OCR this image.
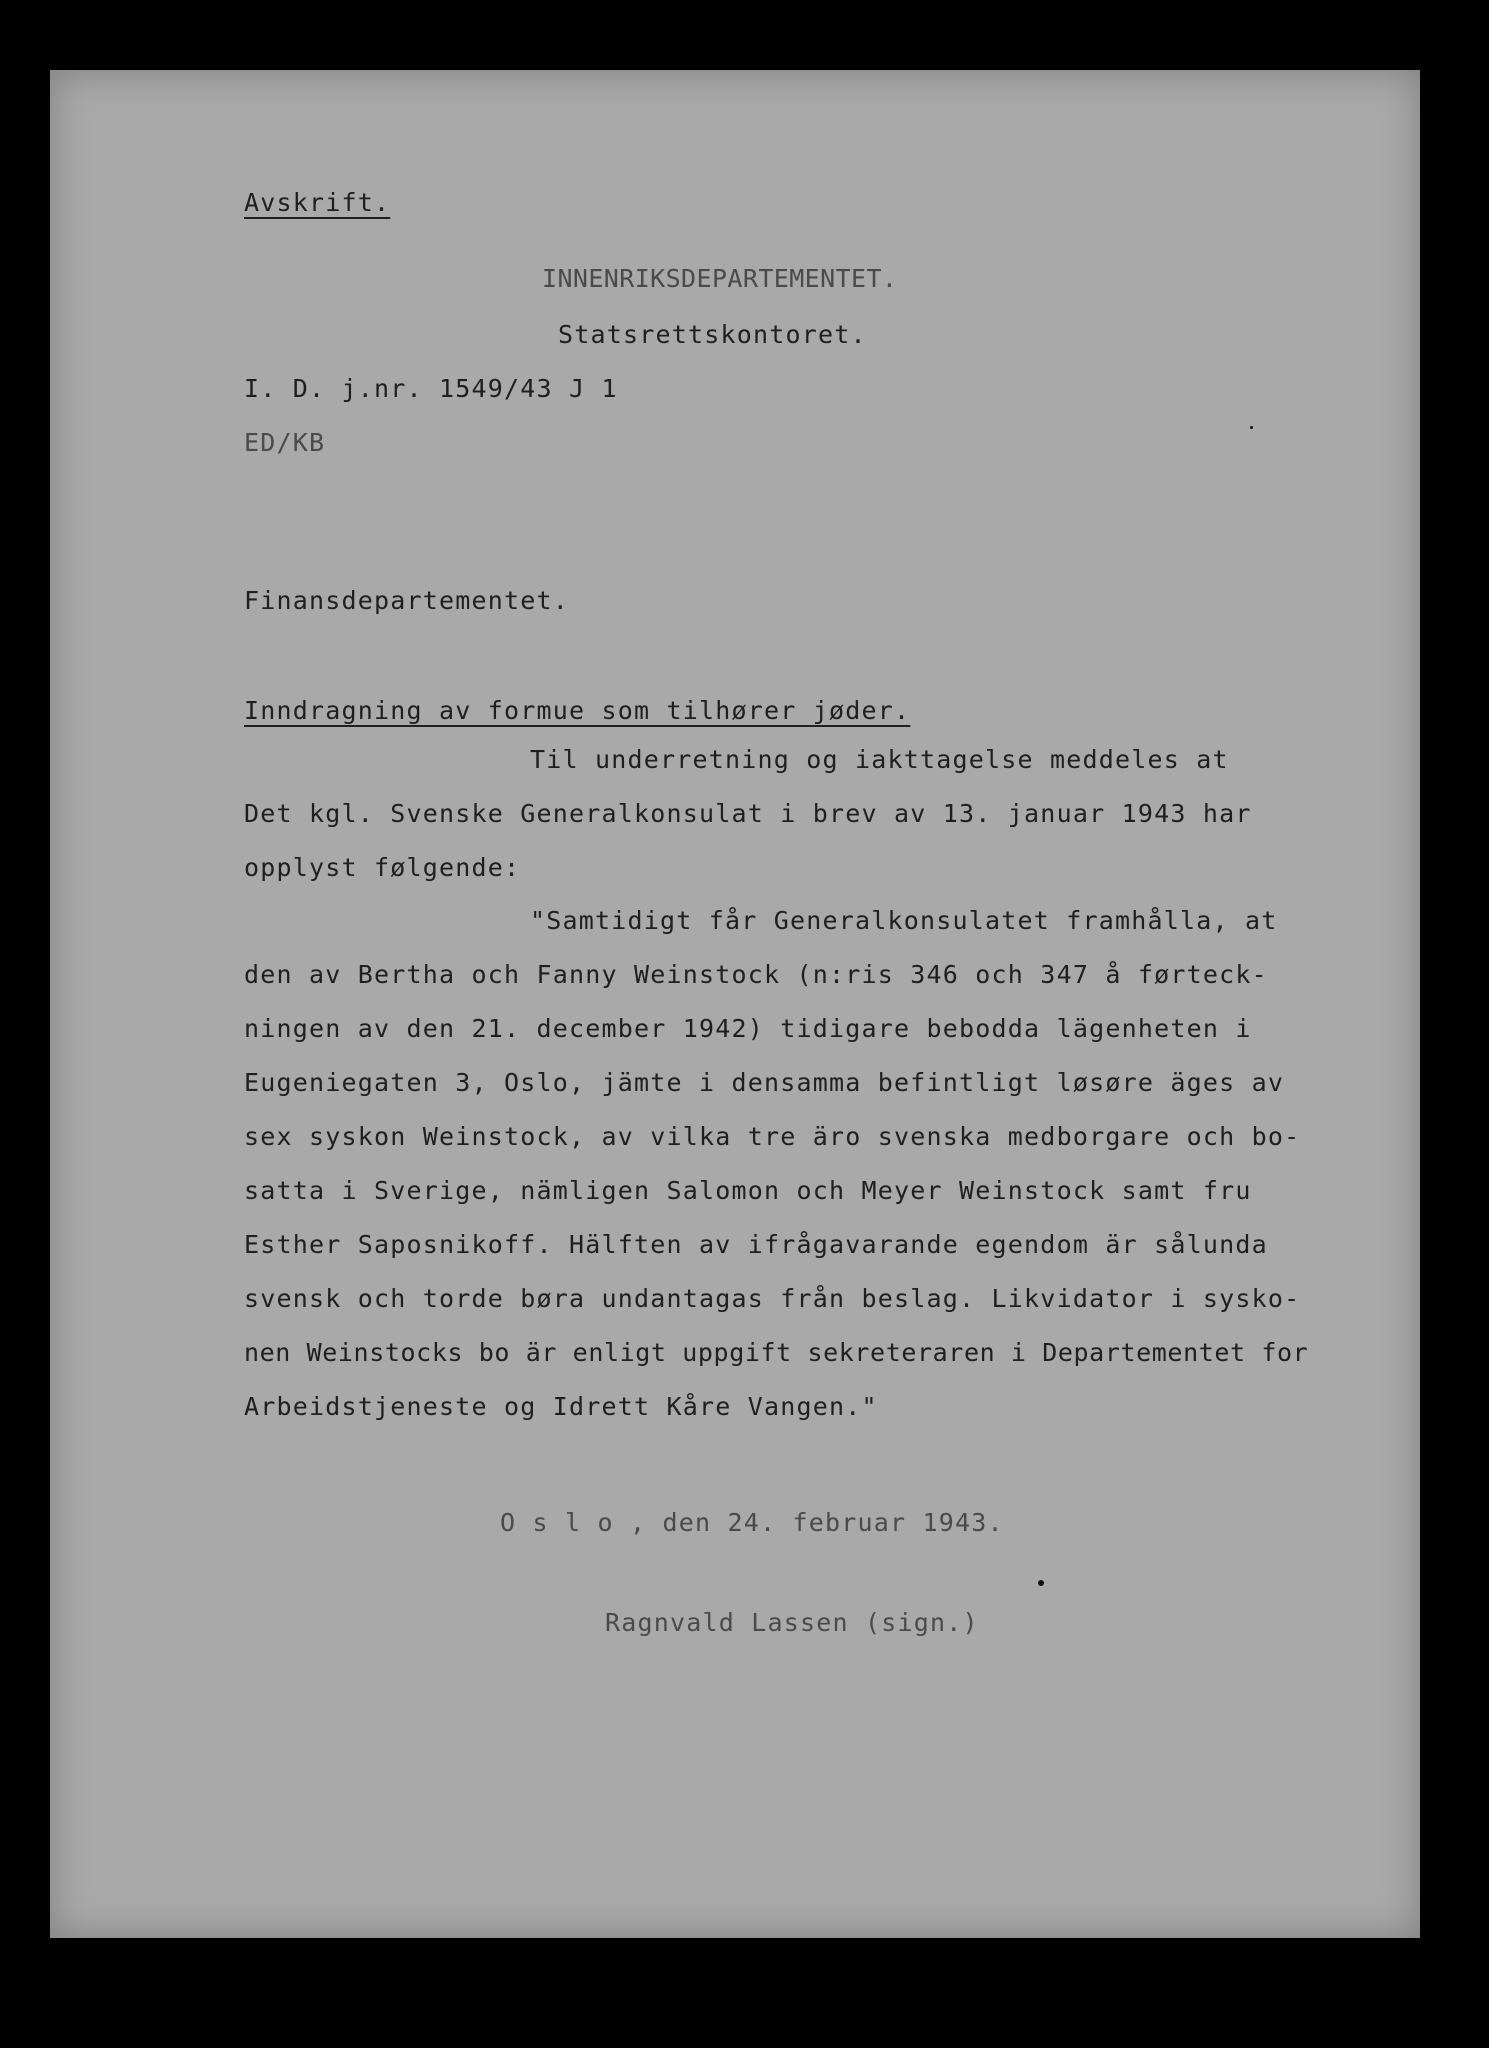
Avskrift.
INNENRIKSDEPARTEMENTET.
Statsrettskontoret.
I. D. j.nr. 1549/43 J 1
ED/KB
Finansdepartementet.
Inndragning av formue som tilhører jøder.
Til underretning og iakttagelse meddeles at
Det kgl. Svenske Generalkonsulat i brev av 13. januar 1943 har
opplyst følgende:
"Samtidigt får Generalkonsulatet framhålla, at
den av Bertha och Fanny Weinstock (n:ris 346 och 347 å førteck-
ningen av den 21. december 1942) tidigare bebodda lägenheten i
Eugeniegaten 3, Oslo, jämte i densamma befintligt løsøre äges av
sex syskon Weinstock, av vilka tre äro svenska medborgare och bo-
satta i Sverige, nämligen Salomon och Meyer Weinstock samt fru
Esther Saposnikoff. Hälften av ifrågavarande egendom är sålunda
svensk och torde børa undantagas från beslag. Likvidator i sysko-
nen Weinstocks bo är enligt uppgift sekreteraren i Departementet for
Arbeidstjeneste og Idrett Kåre Vangen."
O s l o , den 24. februar 1943.
Ragnvald Lassen (sign.)
